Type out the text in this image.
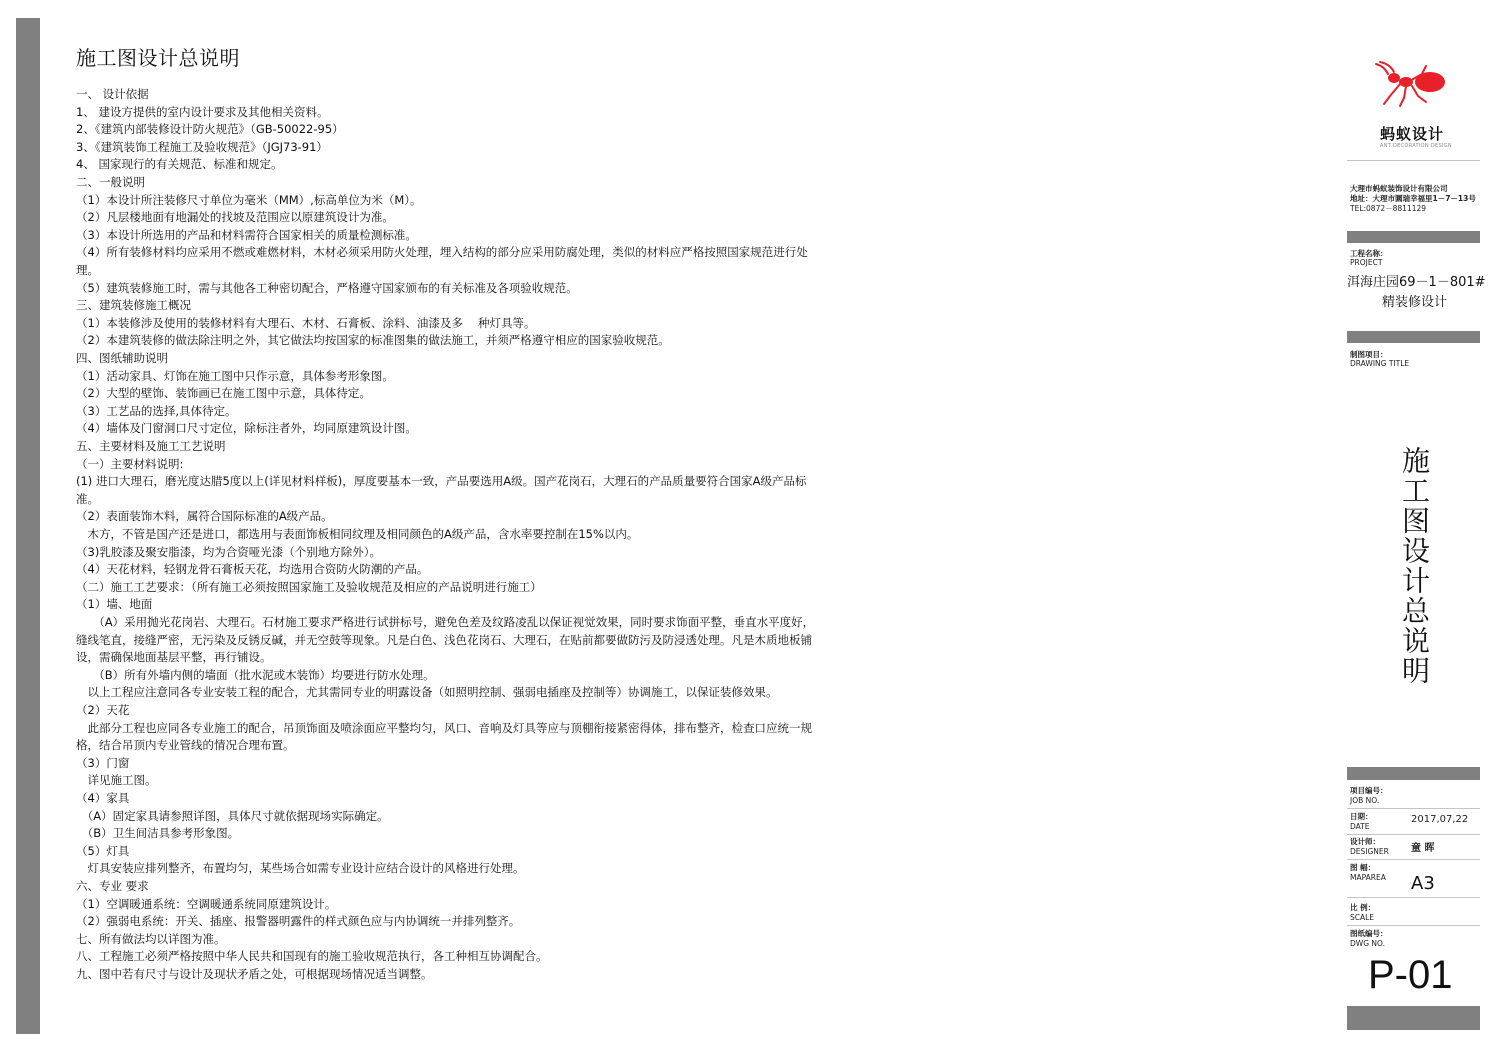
施工图设计总说明
一、 设计依据
1、 建设方提供的室内设计要求及其他相关资料。
2、《建筑内部装修设计防火规范》（GB-50022-95）
3、《建筑装饰工程施工及验收规范》（JGJ73-91）
4、 国家现行的有关规范、标准和规定。
二、一般说明
（1）本设计所注装修尺寸单位为毫米（MM）,标高单位为米（M）。
（2）凡层楼地面有地漏处的找坡及范围应以原建筑设计为准。
（3）本设计所选用的产品和材料需符合国家相关的质量检测标准。
（4）所有装修材料均应采用不燃或难燃材料，木材必须采用防火处理，埋入结构的部分应采用防腐处理，类似的材料应严格按照国家规范进行处
理。
（5）建筑装修施工时，需与其他各工种密切配合，严格遵守国家颁布的有关标准及各项验收规范。
三、建筑装修施工概况
（1）本装修涉及使用的装修材料有大理石、木材、石膏板、涂料、油漆及多　 种灯具等。
（2）本建筑装修的做法除注明之外，其它做法均按国家的标准图集的做法施工，并须严格遵守相应的国家验收规范。
四、图纸辅助说明
（1）活动家具、灯饰在施工图中只作示意，具体参考形象图。
（2）大型的壁饰、装饰画已在施工图中示意，具体待定。
（3）工艺品的选择,具体待定。
（4）墙体及门窗洞口尺寸定位，除标注者外，均同原建筑设计图。
五、主要材料及施工工艺说明
（一）主要材料说明:
(1) 进口大理石，磨光度达腊5度以上(详见材料样板)，厚度要基本一致，产品要选用A级。国产花岗石，大理石的产品质量要符合国家A级产品标
准。
（2）表面装饰木料，属符合国际标准的A级产品。
　木方，不管是国产还是进口，都选用与表面饰板相同纹理及相同颜色的A级产品，含水率要控制在15%以内。
（3)乳胶漆及聚安脂漆，均为合资哑光漆（个别地方除外）。
（4）天花材料，轻钢龙骨石膏板天花，均选用合资防火防潮的产品。
（二）施工工艺要求：（所有施工必须按照国家施工及验收规范及相应的产品说明进行施工）
（1）墙、地面
　　（A）采用抛光花岗岩、大理石。石材施工要求严格进行试拼标号，避免色差及纹路凌乱以保证视觉效果，同时要求饰面平整，垂直水平度好，
缝线笔直，接缝严密，无污染及反锈反碱，并无空鼓等现象。凡是白色、浅色花岗石、大理石，在贴前都要做防污及防浸透处理。凡是木质地板铺
设，需确保地面基层平整，再行铺设。
　　（B）所有外墙内侧的墙面（批水泥或木装饰）均要进行防水处理。
　以上工程应注意同各专业安装工程的配合，尤其需同专业的明露设备（如照明控制、强弱电插座及控制等）协调施工，以保证装修效果。
（2）天花
　此部分工程也应同各专业施工的配合，吊顶饰面及喷涂面应平整均匀，风口、音响及灯具等应与顶棚衔接紧密得体，排布整齐，检查口应统一规
格，结合吊顶内专业管线的情况合理布置。
（3）门窗
　详见施工图。
（4）家具
　（A）固定家具请参照详图，具体尺寸就依据现场实际确定。
　（B）卫生间洁具参考形象图。
（5）灯具
　灯具安装应排列整齐，布置均匀，某些场合如需专业设计应结合设计的风格进行处理。
六、专业 要求
（1）空调暖通系统：空调暖通系统同原建筑设计。
（2）强弱电系统：开关、插座、报警器明露件的样式颜色应与内协调统一并排列整齐。
七、所有做法均以详图为准。
八、工程施工必须严格按照中华人民共和国现有的施工验收规范执行，各工种相互协调配合。
九、图中若有尺寸与设计及现状矛盾之处，可根据现场情况适当调整。
蚂蚁设计
ANT DECORATION DESIGN
大理市蚂蚁装饰设计有限公司
地址：大理市圜瑞幸福里1－7－13号
TEL:0872－8811129
工程名称：
PROJECT
洱海庄园69－1－801#
精装修设计
制图项目：
DRAWING TITLE
施工图设计总说明
项目编号：
JOB NO.
日期：
DATE
2017,07,22
设计师：
DESIGNER 童 晖
图 幅：
MAPAREA A3
比 例：
SCALE
图纸编号：
DWG NO.
P-01
